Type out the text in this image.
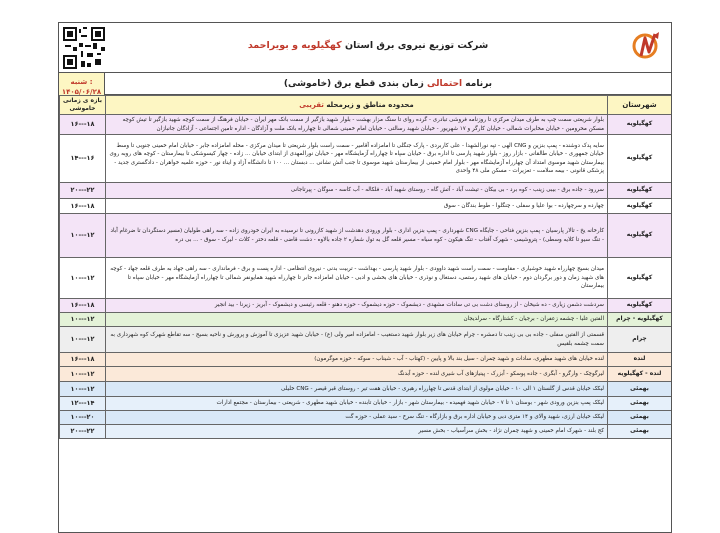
شرکت توزیع نیروی برق استان کهگیلویه و بویراحمد
شنبه :
۱۴۰۵/۰۶/۲۸
برنامه احتمالی زمان بندی قطع برق (خاموشی)
شهرستان	محدوده مناطق و زیرمحله تقریبی	بازه ی زمانی خاموشی
کهگیلویه	بلوار شریعتی سمت چپ به طرف میدان مرکزی تا روزنامه فروشی تبادری - گرده روای تا سنگ مزار بهشت - بلوار شهید بازگیر از سمت بانک مهر ایران - خیابان فرهنگ از سمت کوچه شهید بازگیر تا تیش کوچه مسکن محرومین - خیابان مخابرات شمالی - خیابان کارگر و ۱۷ شهریور - خیابان شهید رسالتی - خیابان امام خمینی شمالی تا چهارراه بانک ملت و آزادگان - اداره تامین اجتماعی - آزادگان جانبازان	۱۶---۱۸
کهگیلویه	سایه پدک دوشنده - پمپ بنزین و CNG الهی - تپه نورالشهدا - علی کاربردی - پارک جنگلی تا امامزاده آقامیر - سمت راست بلوار شریعتی تا میدان مرکزی - محله امامزاده جابر - خیابان امام خمینی جنوبی تا وسط خیابان جمهوری - خیابان طالقانی - بازار روز - بلوار شهید پارسی تا اداره برق - خیابان سپاه تا چهارراه آزمایشگاه مهر - خیابان نورالمهدی از ابتدای خیابان ... زاده - چهار کیسوشکی تا بیمارستان - کوچه های روبه روی بیمارستان شهید موسوی امتداد آن چهارراه آزمایشگاه مهر - بلوار امام خمینی از بیمارستان شهید موسوی تا جنب آتش نشانی ... دبستان ... ۱۰۰ تا دانشگاه آزاد و ایناء نور - حوزه علمیه خواهران - دادگستری جدید - پزشکی قانونی - بیمه سلامت - تعزیرات - مسکن ملی ۴۸ واحدی	۱۴---۱۶
کهگیلویه	سررود - جاده برق - بیبی زینب - کوه برد - بی بیکان - تیشت آباد - آتش گاه - روستای شهید آباد - فلکاله - آب کاسه - سوگان - پیرتاجانی	۲۰---۲۲
کهگیلویه	چهارده و سرچهارده - بوا علیا و سفلی - چنگلوا - طوط بندگان - سوق	۱۶---۱۸
کهگیلویه	کارخانه یخ - تالار پارسیان - پمپ بنزین فتاحی - جایگاه CNG شهرداری - پمپ بنزین اداری - بلوار ورودی دهدشت از شهید کازرونی تا نرسیده به ایران خودروی زاده - سه راهی طولیان (مسیر دستگردان تا ضرغام آباد - تنگ سیو تا کلایه وسطی) - پتروشیمی - شهرک آفتاب - تنگ هیکون - کوه سیاه - مسیر قلعه گل به تول شماره ۲ جاده بالاوه - دشت قاضی - قلعه دختر - کلات - لیرک - سوق - ... بی دره	۱۰---۱۲
کهگیلویه	میدان بسیج چهارراه شهید خوشیاری - مقاومت - سمت راست شهید داوودی - بلوار شهید پارسی - بهداشت - تربیت بدنی - نیروی انتظامی - اداره پست و برق - فرمانداری - سه راهی جهاد به طرف قلعه جهاد - کوچه های شهید زمان و دور برگردان دوم - خیابان های شهید رستمی، دستغال و نوذری - خیابان های بخشی و ادبی - خیابان امامزاده جابر تا چهارراه شهید همایونفر شمالی تا چهارراه آزمایشگاه مهر - خیابان سپاه تا بیمارستان	۱۰---۱۲
کهگیلویه	سردشت دشمن زیاری - ده شیخان - از روستای دشت بی تی سادات مشهدی - دیشموک - حوزه دیشموک - حوزه دهنو - قلعه رئیسی و دیشموک - آبریز - زیرنا - بید انجیر	۱۶---۱۸
کهگیلویه - چرام	الفتین علیا - چشمه زعفران - برجیان - کشتارگاه - سرلدیجان	۱۰---۱۲
چرام	قسمتی از الفتین سفلی - جاده بی بی زینب تا دمشره - چرام خیابان های زیر بلوار شهید دستغیب - امامزاده امیر ولی (ع) - خیابان شهید عزیزی تا آموزش و پرورش و ناحیه بسیج - سه تقاطع شهرک کوه شهرداری به سمت چشمه بلقیس	۱۰---۱۲
لنده	لنده خیابان های شهید مطهری، سادات و شهید چمران - سیل بند بالا و پایین - (کهتاب - آب - شیناب - سوکه - حوزه موگرمون)	۱۶---۱۸
لنده - کهگیلویه	لیرگوچک - وارگرو - آبگری - جاده پوسکو - آبزرک - پینیازهای آب شیری لنده - حوزه آبدنگ	۱۰---۱۲
بهمئی	لیکک خیابان قدس از گلستان ۱ الی ۱۰ - خیابان مولوی از ابتدای قدس تا چهارراه رهبری - خیابان هفت تیر - روستای قبر قیصر - CNG خلیلی	۱۰---۱۲
بهمئی	لیکک پمپ بنزین ورودی شهر - بوستان ۱ تا ۷ - خیابان شهید فهمیده - بیمارستان شهر - بازار - خیابان تابنده - خیابان شهید مطهری - شریعتی - بیمارستان - مجتمع ادارات	۱۲---۱۴
بهمئی	لیکک خیابان ارزی، شهید والای و ۱۴ متری دبی و خیابان اداره برق و بازارگاه - تنگ سرخ - سید عملی - حوزه گت	۱۰---۲۰
بهمئی	کج بلند - شهرک امام خمینی و شهید چمران نژاد - بخش سرآسیاب - بخش مسیر	۲۰---۲۲
